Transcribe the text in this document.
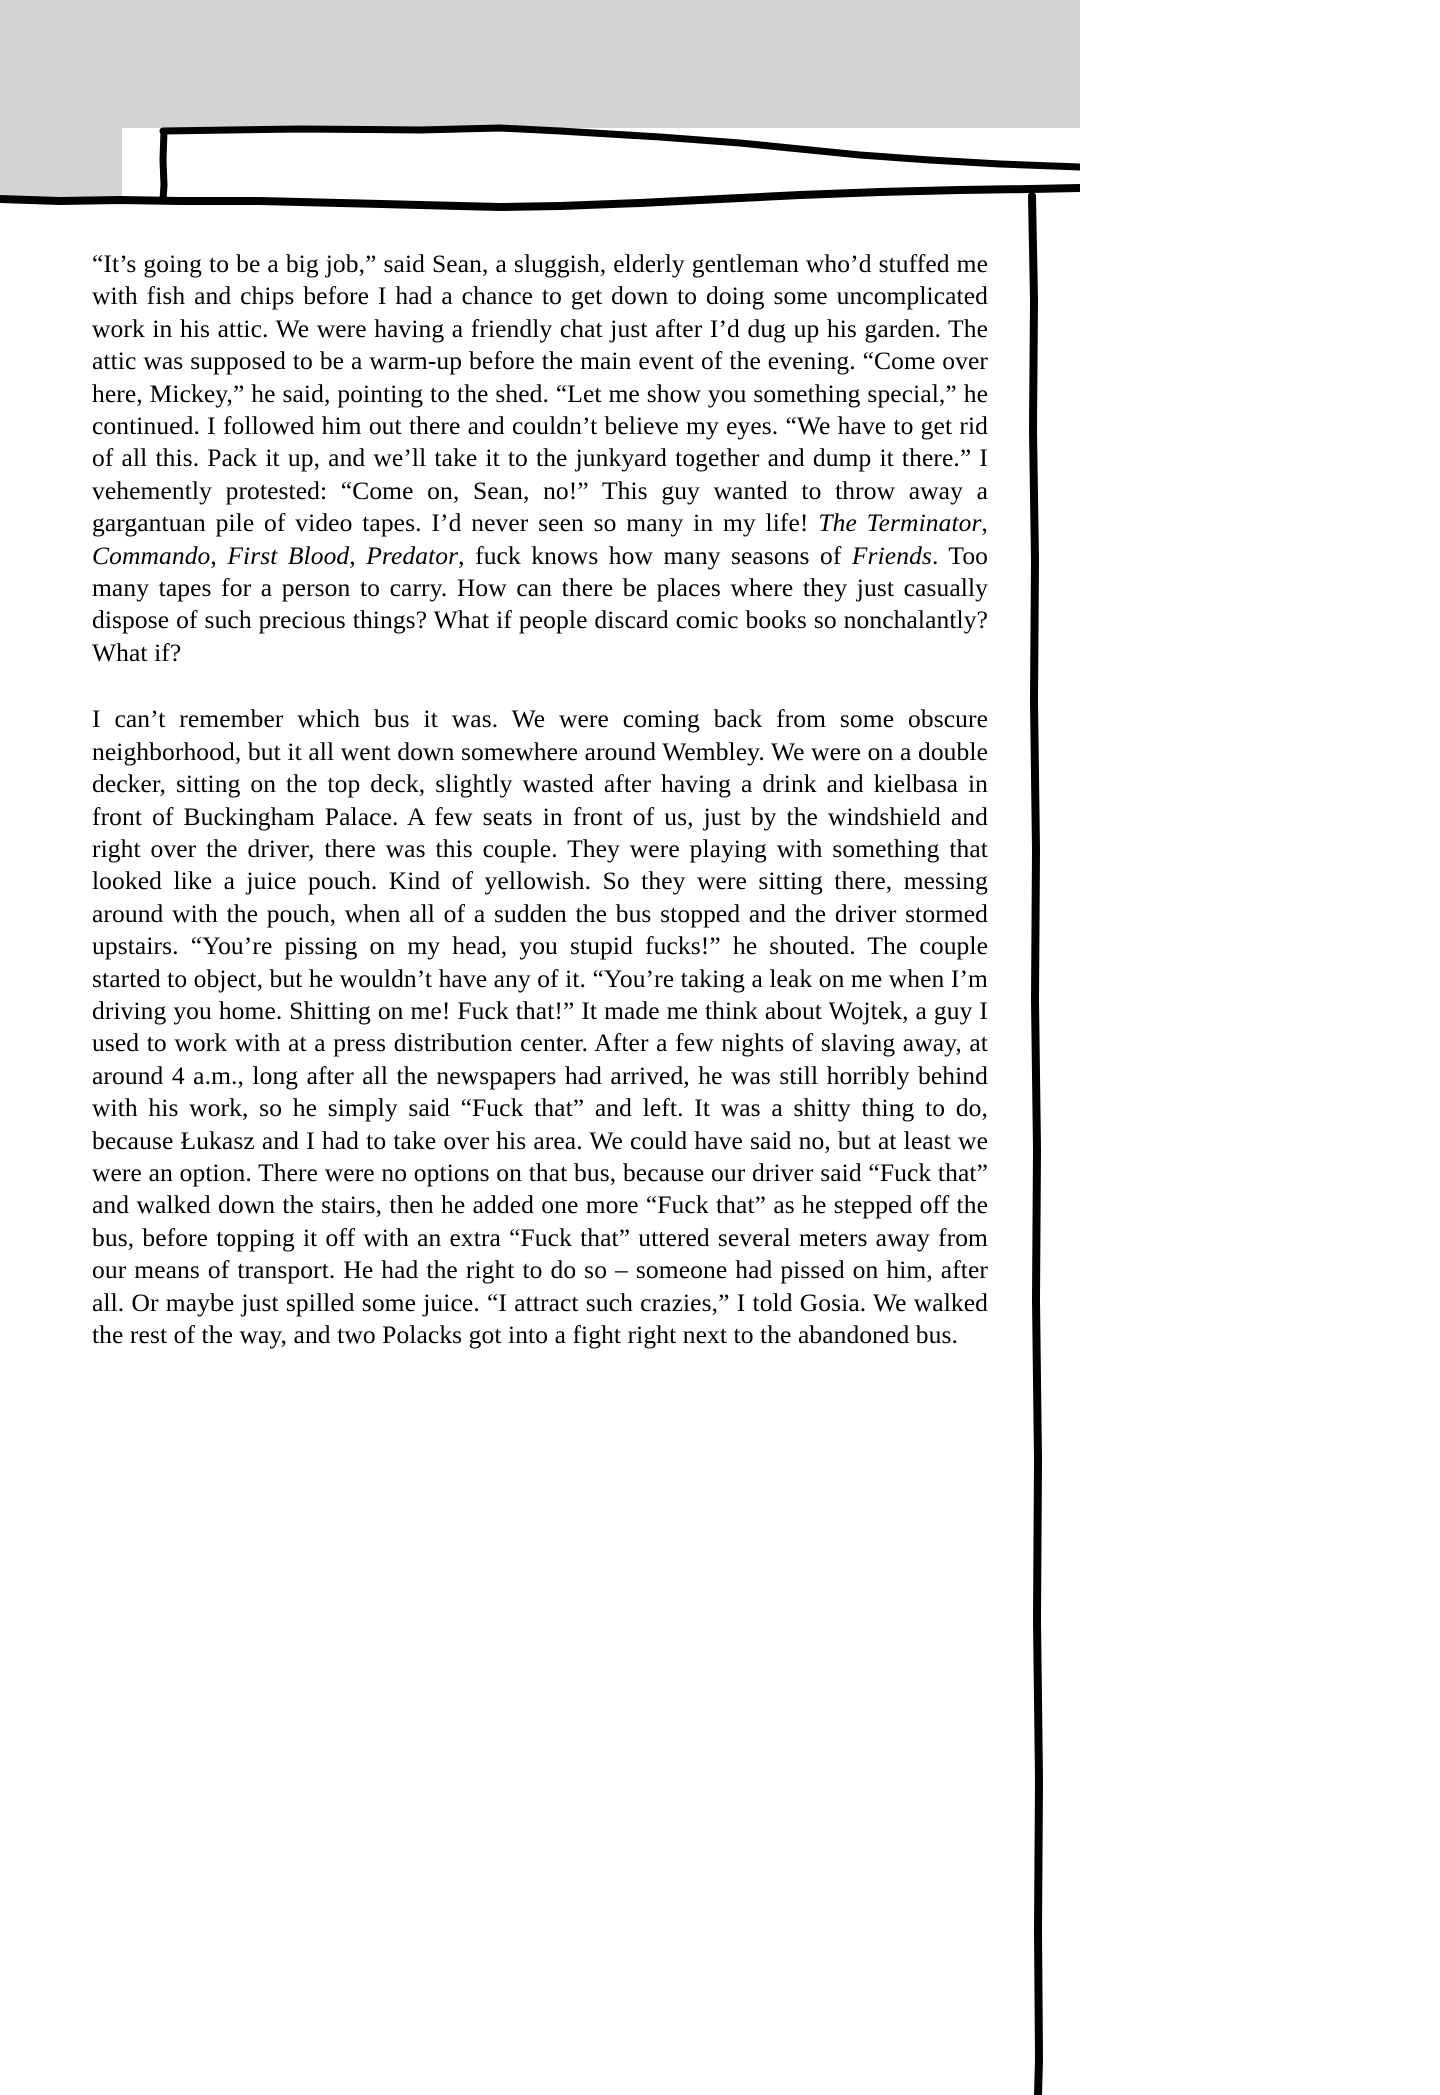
“It’s going to be a big job,” said Sean, a sluggish, elderly gentleman who’d stuffed me with fish and chips before I had a chance to get down to doing some uncomplicated work in his attic. We were having a friendly chat just after I’d dug up his garden. The attic was supposed to be a warm-up before the main event of the evening. “Come over here, Mickey,” he said, pointing to the shed. “Let me show you something special,” he continued. I followed him out there and couldn’t believe my eyes. “We have to get rid of all this. Pack it up, and we’ll take it to the junkyard together and dump it there.” I vehemently protested: “Come on, Sean, no!” This guy wanted to throw away a gargantuan pile of video tapes. I’d never seen so many in my life! The Terminator, Commando, First Blood, Predator, fuck knows how many seasons of Friends. Too many tapes for a person to carry. How can there be places where they just casually dispose of such precious things? What if people discard comic books so nonchalantly? What if?

I can’t remember which bus it was. We were coming back from some obscure neighborhood, but it all went down somewhere around Wembley. We were on a double decker, sitting on the top deck, slightly wasted after having a drink and kielbasa in front of Buckingham Palace. A few seats in front of us, just by the windshield and right over the driver, there was this couple. They were playing with something that looked like a juice pouch. Kind of yellowish. So they were sitting there, messing around with the pouch, when all of a sudden the bus stopped and the driver stormed upstairs. “You’re pissing on my head, you stupid fucks!” he shouted. The couple started to object, but he wouldn’t have any of it. “You’re taking a leak on me when I’m driving you home. Shitting on me! Fuck that!” It made me think about Wojtek, a guy I used to work with at a press distribution center. After a few nights of slaving away, at around 4 a.m., long after all the newspapers had arrived, he was still horribly behind with his work, so he simply said “Fuck that” and left. It was a shitty thing to do, because Łukasz and I had to take over his area. We could have said no, but at least we were an option. There were no options on that bus, because our driver said “Fuck that” and walked down the stairs, then he added one more “Fuck that” as he stepped off the bus, before topping it off with an extra “Fuck that” uttered several meters away from our means of transport. He had the right to do so – someone had pissed on him, after all. Or maybe just spilled some juice. “I attract such crazies,” I told Gosia. We walked the rest of the way, and two Polacks got into a fight right next to the abandoned bus.
